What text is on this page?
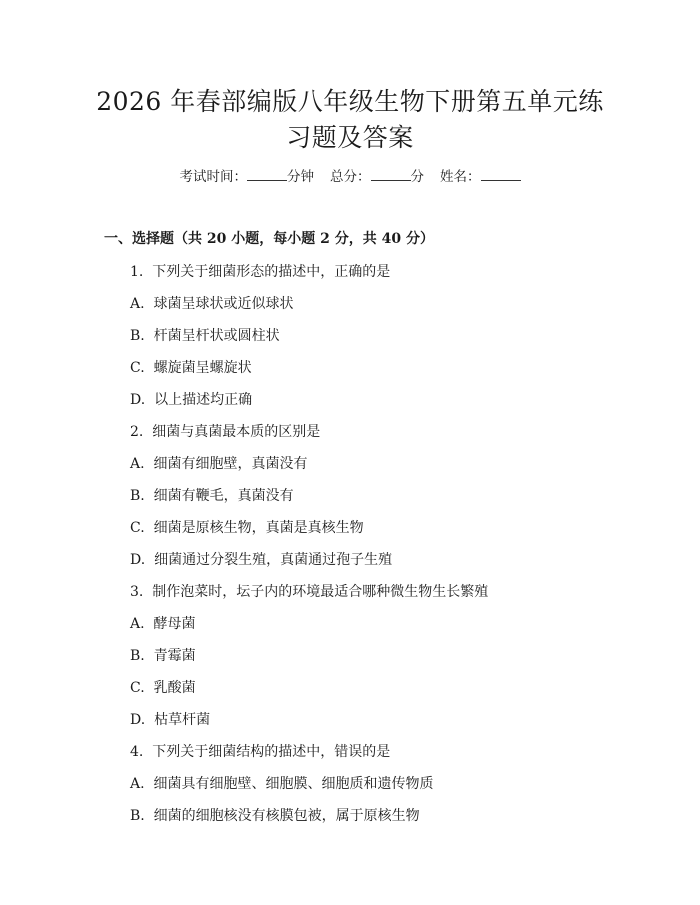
2026 年春部编版八年级生物下册第五单元练
习题及答案
考试时间：	分钟 总分：	分 姓名：
一、选择题（共 20 小题，每小题 2 分，共 40 分）
1.  下列关于细菌形态的描述中，正确的是
A.  球菌呈球状或近似球状
B.  杆菌呈杆状或圆柱状
C.  螺旋菌呈螺旋状
D.  以上描述均正确
2.  细菌与真菌最本质的区别是
A.  细菌有细胞壁，真菌没有
B.  细菌有鞭毛，真菌没有
C.  细菌是原核生物，真菌是真核生物
D.  细菌通过分裂生殖，真菌通过孢子生殖
3.  制作泡菜时，坛子内的环境最适合哪种微生物生长繁殖
A.  酵母菌
B.  青霉菌
C.  乳酸菌
D.  枯草杆菌
4.  下列关于细菌结构的描述中，错误的是
A.  细菌具有细胞壁、细胞膜、细胞质和遗传物质
B.  细菌的细胞核没有核膜包被，属于原核生物
